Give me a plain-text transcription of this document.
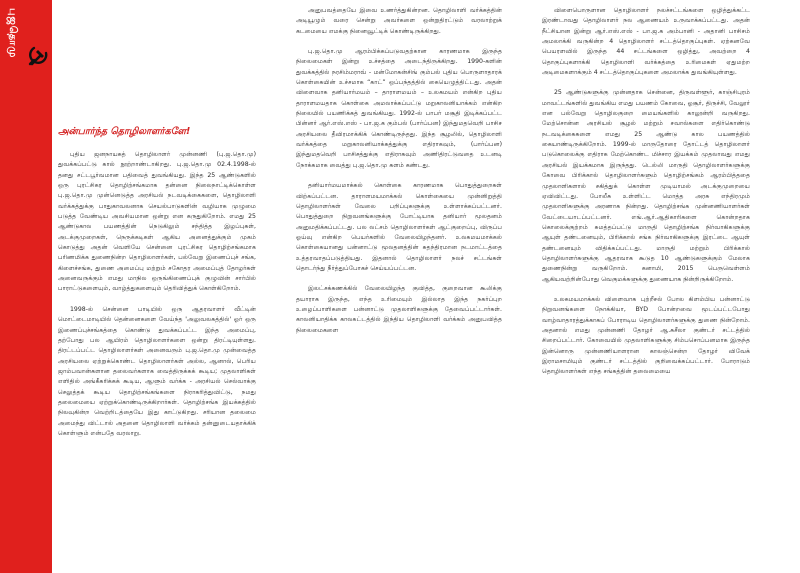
புஜதொமு
அன்பார்ந்த தொழிலாளர்களே!

புதிய ஜனநாயகத் தொழிலாளர் முன்னணி (பு.ஜ.தொ.மு) துவக்கப்பட்டு கால் நூற்றாண்டாகிறது. பு.ஜ.தொ.மு 02.4.1998-ல் தனது சட்டபூர்வமான பதிவைத் துவங்கியது. இந்த 25 ஆண்டுகளில் ஒரு புரட்சிகர தொழிற்சங்கமாக தன்னை நிலைநாட்டிக்கொள்ள பு.ஜ.தொ.மு முன்னெடுத்த அரசியல் நடவடிக்கைகளை, தொழிலாளி வர்க்கத்துக்கு பாதுகாவலனாக செயல்பாடுகளின் வழியாக முழுமை படுத்த வேண்டிய அவசியமான ஒன்று என கருதுகிறோம். எமது 25 ஆண்டுகால பயணத்தின் நெடுகிலும் சந்தித்த இழப்புகள், அடக்குமுறைகள், நெருக்கடிகள் ஆகிய அனைத்துக்கும் முகம் கொடுத்து அதன் வெளியே சென்னை புரட்சிகர தொழிற்சங்கமாக பரிணமிக்க துணைநின்ற தொழிலாளர்கள், பல்வேறு இணைப்புச் சங்க, கிளைச்சங்க, துணை அமைப்பு மற்றும் சகோதர அமைப்புத் தோழர்கள் அனைவருக்கும் எமது மாநில ஒருங்கிணைப்புக் குழுவின் சார்பில் பாராட்டுகளையும், வாழ்த்துகளையும் தெரிவித்துக் கொள்கிறோம்.

1998-ல் சென்னை பாடியில் ஒரு ஆதரவாளர் வீட்டின் மொட்டைமாடியில் தென்னைகளை வேய்ந்த 'அலுவலகத்தில்' ஓர் ஒரு இணைப்புச்சங்கத்தை கொண்டு துவக்கப்பட்ட இந்த அமைப்பு, தற்போது பல ஆயிரம் தொழிலாளர்களை ஒன்று திரட்டியுள்ளது. திரட்டப்பட்ட தொழிலாளர்கள் அனைவரும் பு.ஜ.தொ.மு முன்வைத்த அரசியலை ஏற்றுக்கொண்ட தொழிலாளர்கள் அல்ல, ஆனால், பெரிய ஜாம்பவான்களான தலைவர்களாக வைத்திருக்கக் கூடிய; முதலாளிகள் எளிதில் அங்கீகரிக்கக் கூடிய, ஆளும் வர்க்க - அரசியல் செல்வாக்கு செலுத்தக் கூடிய தொழிற்சங்கங்களை நிராகரித்துவிட்டு, நமது தலைமையை ஏற்றுக்கொண்டிருக்கிறார்கள். தொழிற்சங்க இயக்கத்தில் நிலவுகின்ற வெற்றிடத்தையே இது காட்டுகிறது. சரியான தலைமை அமைந்து விட்டால் அதனை தொழிலாளி வர்க்கம் தன்னுடையதாக்கிக் கொள்ளும் என்பதே வரலாறு.

அனுபவத்தையே இவை உணர்த்துகின்றன. தொழிலாளி வர்க்கத்தின் அடியூழும் வரை சென்று அவர்களை ஒன்றுதிரட்டும் வரலாற்றுக் கடமையை எமக்கு நினைவூட்டிக் கொண்டிருக்கிறது.

பு.ஜ.தொ.மு ஆரம்பிக்கப்படுவதற்கான காரணமாக இருந்த நிலைமைகள் இன்று உச்சத்தை அடைந்திருக்கிறது. 1990-களின் துவக்கத்தில் நரசிம்மராவ் - மன்மோகன்சிங் கும்பல் புதிய பொருளாதாரக் கொள்கையின் உச்சமாக “காட்” ஒப்பந்தத்தில் கையெழுத்திட்டது. அதன் விளைவாக தனியார்மயம் – தாராளமயம் – உலகமயம் என்கிற புதிய தாராளமயதாக கொள்கை அமலாக்கப்பட்டு மறுகாலனியாக்கம் என்கிற நிலையில் பயணிக்கத் துவங்கியது. 1992-ல் பாபர் மசூதி இடிக்கப்பட்ட பின்னர் ஆர்.எஸ்.எஸ் - பா.ஜ.க கும்பல் (பார்ப்பன) இந்துமதவெறி பாசிச அரசியலை தீவிரமாக்கிக் கொண்டிருந்தது. இந்த சூழலில், தொழிலாளி வர்க்கத்தை மறுகாலனியாக்கத்துக்கு எதிராகவும், (பார்ப்பன) இந்துமதவெறி பாசிசத்துக்கு எதிராகவும் அணிதிரட்டுவதை உடனடி நோக்கமாக வைத்து பு.ஜ.தொ.மு களம் கண்டது.

தனியார்மயமாக்கல் கொள்கை காரணமாக பொதுத்துறைகள் விற்கப்பட்டன. தாராளமயமாக்கல் கொள்கையை முன்னிறுத்தி தொழிலாளர்கள் வேலை பறிப்புகளுக்கு உள்ளாக்கப்பட்டனர். பொதுத்துறை நிறுவனங்களுக்கு போட்டியாக தனியார் மூலதனம் அனுமதிக்கப்பட்டது. பல லட்சம் தொழிலாளர்கள் ஆட்குறைப்பு, விருப்ப ஓய்வு என்கிற பெயர்களில் வேலையிழந்தனர். உலகமயமாக்கல் கொள்கையானது பன்னாட்டு மூலதனத்தின் சுதந்திரமான நடமாட்டத்தை உத்தரவாதப்படுத்தியது. இதனால் தொழிலாளர் நலச் சட்டங்கள் தொடர்ந்து நீர்த்துப்போகச் செய்யப்பட்டன.

இலட்சக்கணக்கில் வேலையிழந்த குவித்த, குறைவான கூலிக்கு தயாராக இருந்த, எந்த உரிமையும் இல்லாத இந்த நகர்ப்புற உழைப்பாளிகளை பன்னாட்டு முதலாளிகளுக்கு தேவைப்பட்டார்கள். காலனியாதிக்க காலகட்டத்தில் இந்திய தொழிலாளி வர்க்கம் அனுபவித்த நிலைமைகளை

விளைபொருளான தொழிலாளர் நலச்சட்டங்களை ஒழித்துக்கட்ட இரண்டாவது தொழிலாளர் நல ஆணையம் உருவாக்கப்பட்டது. அதன் நீட்சியான இன்று ஆர்.எஸ்.எஸ் - பா.ஜ.க அம்பானி - அதானி பாசிசம் அமலாக்கி வருகின்ற 4 தொழிலாளர் சட்டத்தொகுப்புகள். ஏற்கனவே பெயரளவில் இருந்த 44 சட்டங்களை ஒழித்து, அவற்றை 4 தொகுப்புகளாக்கி தொழிலாளி வர்க்கத்தை உரிமைகள் ஏதுமற்ற அடிமைகளாக்கும் 4 சட்டத்தொகுப்புகளை அமலாக்க துவங்கியுள்ளது.

25 ஆண்டுகளுக்கு முன்னதாக சென்னை, திருவள்ளூர், காஞ்சிபுரம் மாவட்டங்களில் துவங்கிய எமது பயணம் கோவை, ஓசூர், திருச்சி, வேலூர் என பல்வேறு தொழிலகுறை மையங்களில் காலூன்றி வருகிறது. மேற்சொன்ன அரசியல் சூழல் மற்றும் சவால்களை எதிர்கொண்டு நடவடிக்கைகளை எமது 25 ஆண்டு கால பயணத்தில் கையாண்டிருக்கிறோம். 1999-ல் மாருதோரை தோட்டத் தொழிலாளர் படுகொலைக்கு எதிராக மேற்கொண்ட மிச்சார இயக்கம் முதலாவது எமது அரசியல் இயக்கமாக இருந்தது. டெல்லி மாருதி தொழிலாளர்களுக்கு கோவை பிரிக்கால் தொழிலாளர்களும் தொழிற்சங்கம் ஆரம்பித்ததை முதலாளிகளால் சகித்துக் கொள்ள முடியாமல் அடக்குமுறையை ஏவிவிட்டது. போலீசு உள்ளிட்ட மொத்த அரசு எந்திரமும் முதலாளிகளுக்கு அரணாக நின்றது. தொழிற்சங்க முன்னணியாளர்கள் வேட்டையாடப்பட்டனர். எங்.ஆர்.ஆதிகாரிகளை கொன்றதாக கொலைக்குற்றம் சுமத்தப்பட்டு மாருதி தொழிற்சங்க நிர்வாகிகளுக்கு ஆயுள் தண்டனையும், பிரிக்கால் சங்க நிர்வாகிகளுக்கு இரட்டை ஆயுள் தண்டனையும் விதிக்கப்பட்டது. மாருதி மற்றும் பிரிக்கால் தொழிலாளர்களுக்கு ஆதரவாக கூடுத 10 ஆண்டுகளுக்கும் மேலாக துணைநின்று வருகிறோம். கனாமி, 2015 பெருவெள்ளம் ஆகியவற்றின்போது வெகுமக்களுக்கு துணையாக நின்றிருக்கிறோம்.

உலகமயமாக்கல் விளைவாக புற்றீசல் போல கிளம்பிய பன்னாட்டு நிறுவனங்களை நோக்கியா, BYD போன்றவை மூடப்பட்டபோது வாழ்வாதாரத்துக்காகப் போராடிய தொழிலாளர்களுக்கு துணை நின்றோம். அதனால் எமது முன்னணி தோழர் ஆ.சுசீலா குண்டர் சட்டத்தில் சிறைப்பட்டார். கோவையில் முதலாளிகளுக்கு சிம்பசொப்பனமாக இருந்த இன்னொரு முன்னணியாளரான காலஞ்சென்ற தோழர் விவேக் இராமசாமியும் குண்டர் சட்டத்தில் குறிவைக்கப்பட்டார். போராடும் தொழிலாளர்கள் எந்த சங்கத்தின் தலைமையை
